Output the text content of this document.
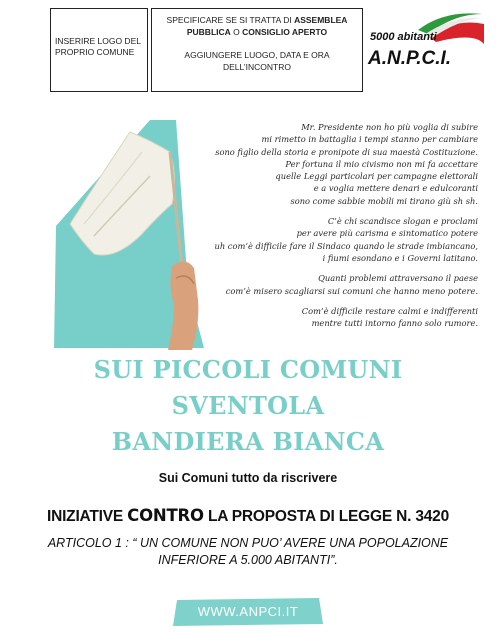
INSERIRE LOGO DEL
PROPRIO COMUNE
SPECIFICARE SE SI TRATTA DI ASSEMBLEA
PUBBLICA O CONSIGLIO APERTO
AGGIUNGERE LUOGO, DATA E ORA
DELL’INCONTRO
5000 abitanti
A.N.P.C.I.
Mr. Presidente non ho più voglia di subire
mi rimetto in battaglia i tempi stanno per cambiare
sono figlio della storia e pronipote di sua maestà Costituzione.
Per fortuna il mio civismo non mi fa accettare
quelle Leggi particolari per campagne elettorali
e a voglia mettere denari e edulcoranti
sono come sabbie mobili mi tirano giù sh sh.
C’è chi scandisce slogan e proclami
per avere più carisma e sintomatico potere
uh com’è difficile fare il Sindaco quando le strade imbiancano,
i fiumi esondano e i Governi latitano.
Quanti problemi attraversano il paese
com’è misero scagliarsi sui comuni che hanno meno potere.
Com’è difficile restare calmi e indifferenti
mentre tutti intorno fanno solo rumore.
SUI PICCOLI COMUNI
SVENTOLA
BANDIERA BIANCA
Sui Comuni tutto da riscrivere
INIZIATIVE CONTRO LA PROPOSTA DI LEGGE N. 3420
ARTICOLO 1 : “ UN COMUNE NON PUO’ AVERE UNA POPOLAZIONE
INFERIORE A 5.000 ABITANTI”.
WWW.ANPCI.IT
